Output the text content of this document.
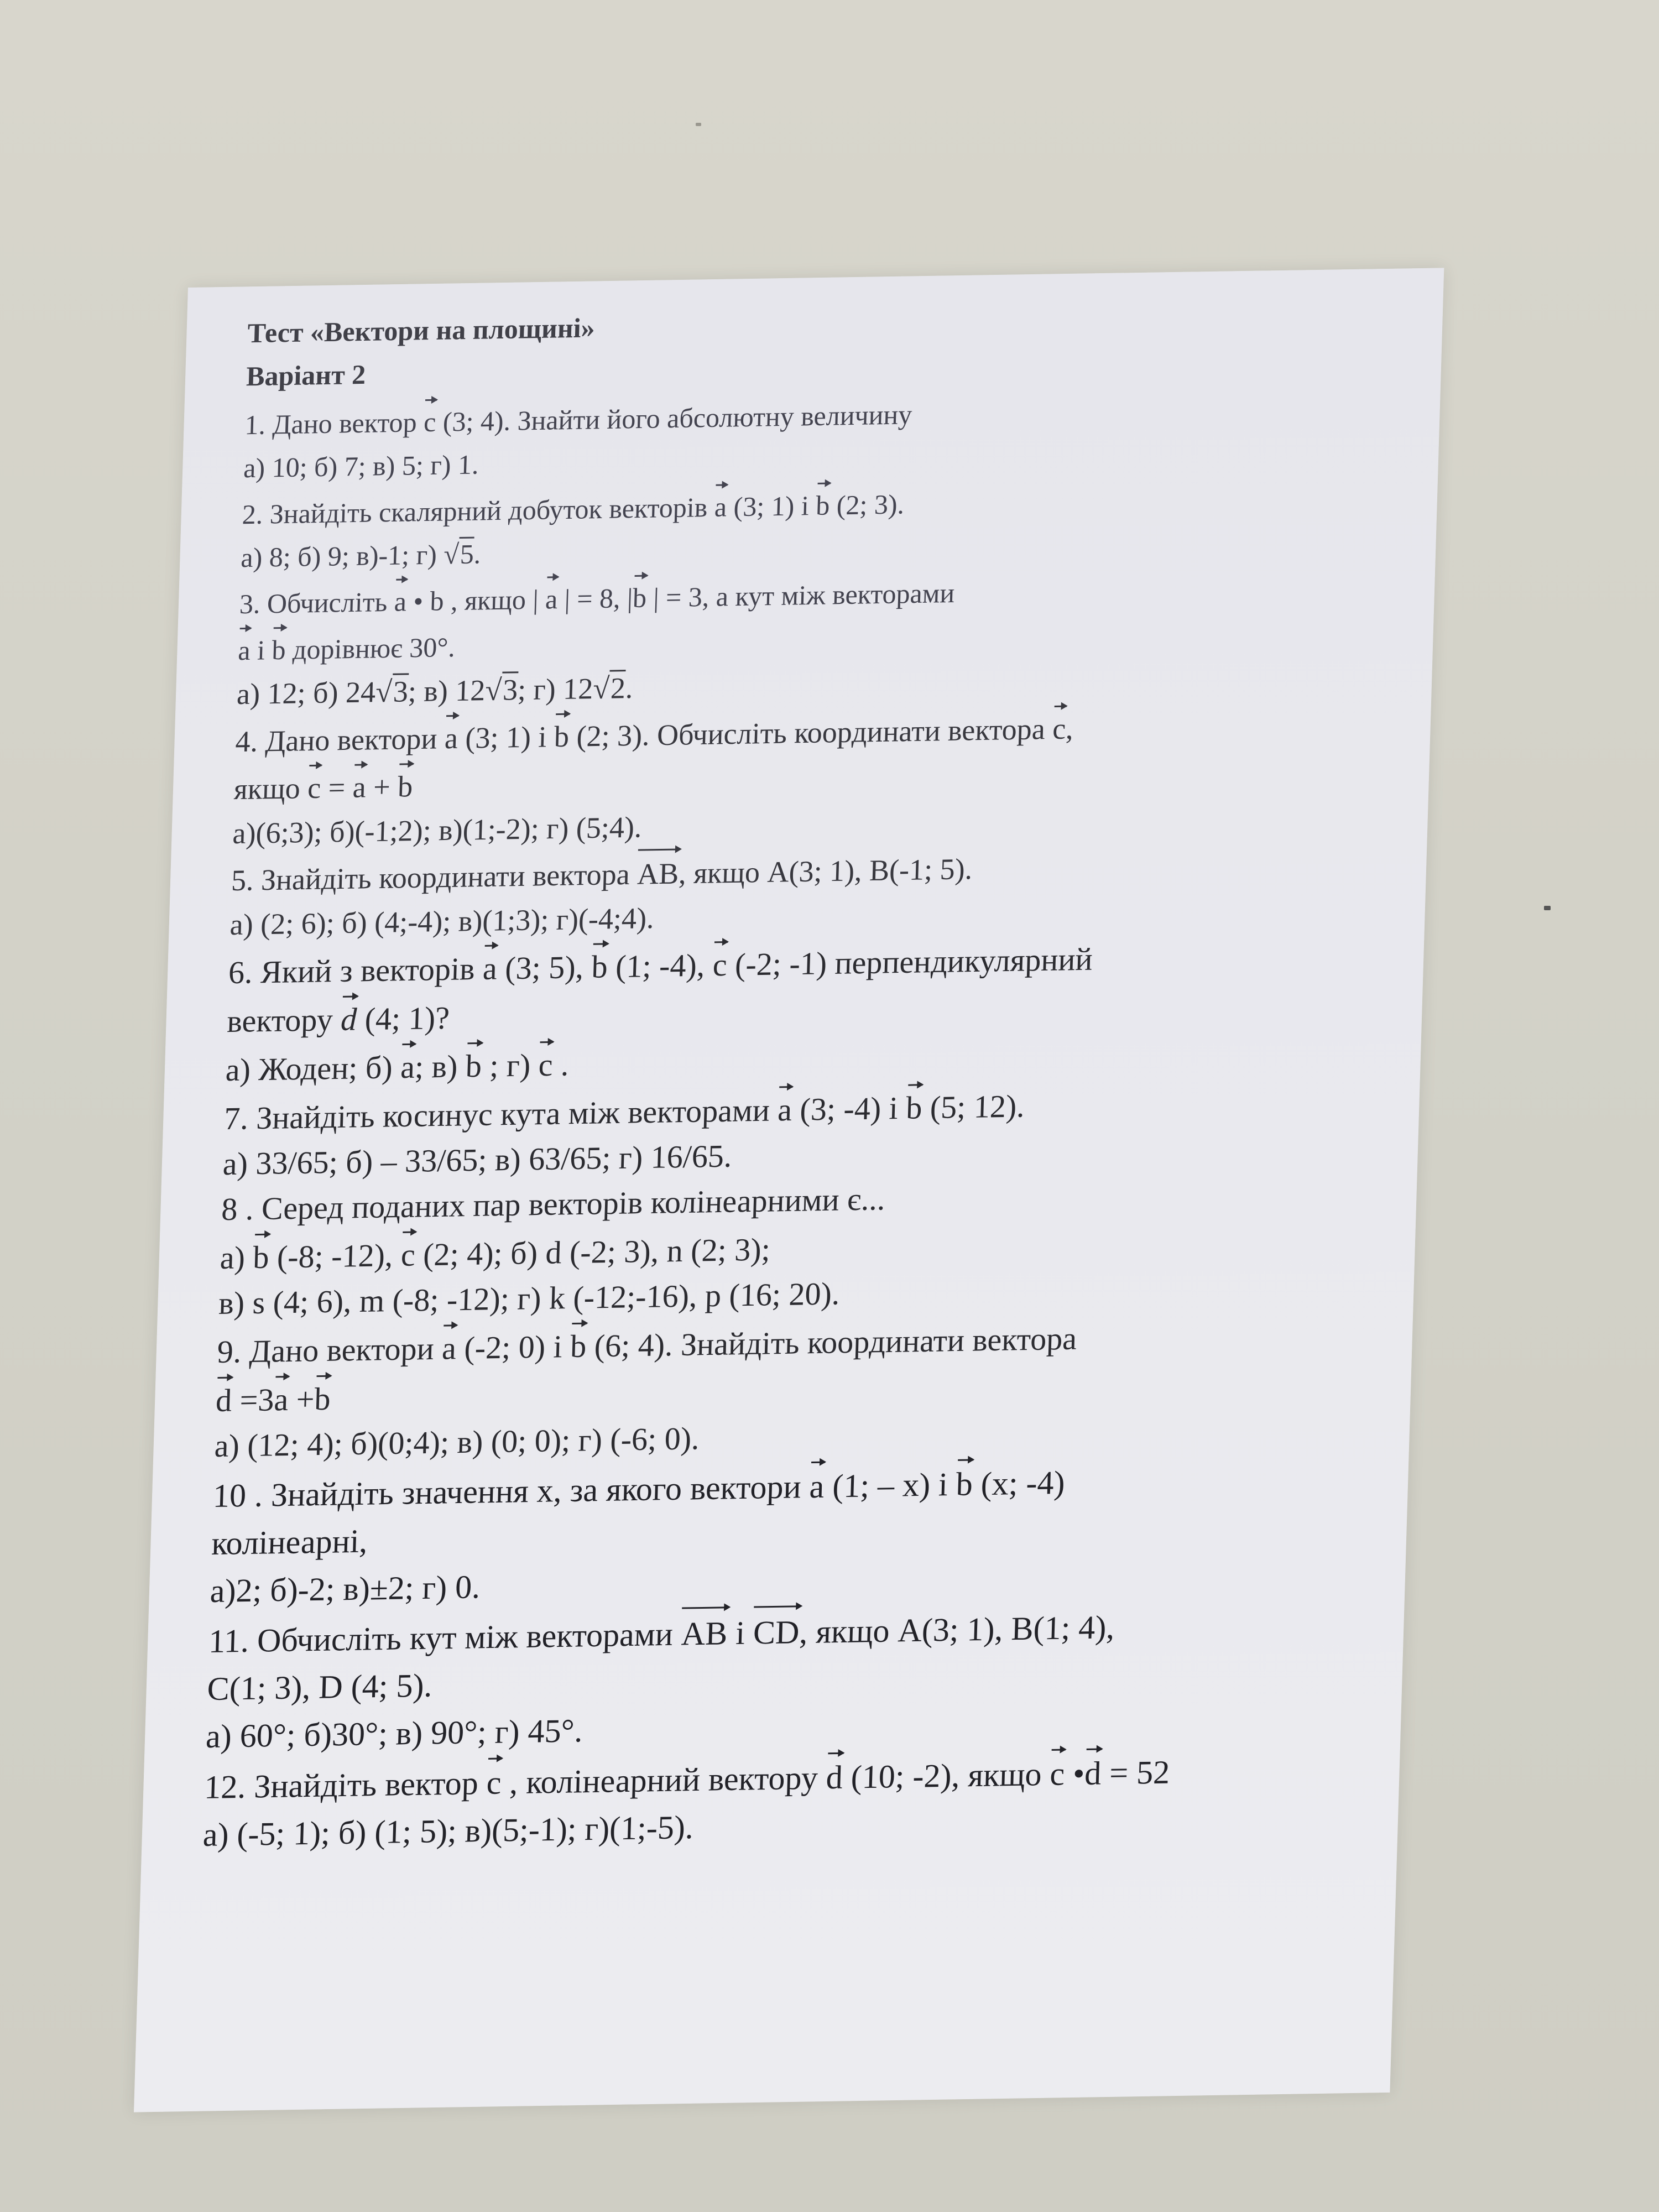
Тест «Вектори на площині»
Варіант 2
1. Дано вектор c (3; 4). Знайти його абсолютну величину
а) 10; б) 7; в) 5; г) 1.
2. Знайдіть скалярний добуток векторів a (3; 1) і b (2; 3).
а) 8; б) 9; в)-1; г) √5.
3. Обчисліть a • b , якщо | a | = 8, |b | = 3, а кут між векторами
a і b дорівнює 30°.
а) 12; б) 24√3; в) 12√3; г) 12√2.
4. Дано вектори a (3; 1) і b (2; 3). Обчисліть координати вектора c,
якщо c = a + b
а)(6;3); б)(-1;2); в)(1;-2); г) (5;4).
5. Знайдіть координати вектора AB, якщо A(3; 1), B(-1; 5).
а) (2; 6); б) (4;-4); в)(1;3); г)(-4;4).
6. Який з векторів a (3; 5), b (1; -4), c (-2; -1) перпендикулярний
вектору d (4; 1)?
а) Жоден; б) a; в) b ; г) c .
7. Знайдіть косинус кута між векторами a (3; -4) і b (5; 12).
а) 33/65; б) – 33/65; в) 63/65; г) 16/65.
8 . Серед поданих пар векторів колінеарними є...
а) b (-8; -12), c (2; 4); б) d (-2; 3), n (2; 3);
в) s (4; 6), m (-8; -12); г) k (-12;-16), p (16; 20).
9. Дано вектори a (-2; 0) і b (6; 4). Знайдіть координати вектора
d =3a +b
а) (12; 4); б)(0;4); в) (0; 0); г) (-6; 0).
10 . Знайдіть значення x, за якого вектори a (1; – x) і b (x; -4)
колінеарні,
а)2; б)-2; в)±2; г) 0.
11. Обчисліть кут між векторами AB і CD, якщо A(3; 1), B(1; 4),
C(1; 3), D (4; 5).
а) 60°; б)30°; в) 90°; г) 45°.
12. Знайдіть вектор c , колінеарний вектору d (10; -2), якщо c •d = 52
а) (-5; 1); б) (1; 5); в)(5;-1); г)(1;-5).
